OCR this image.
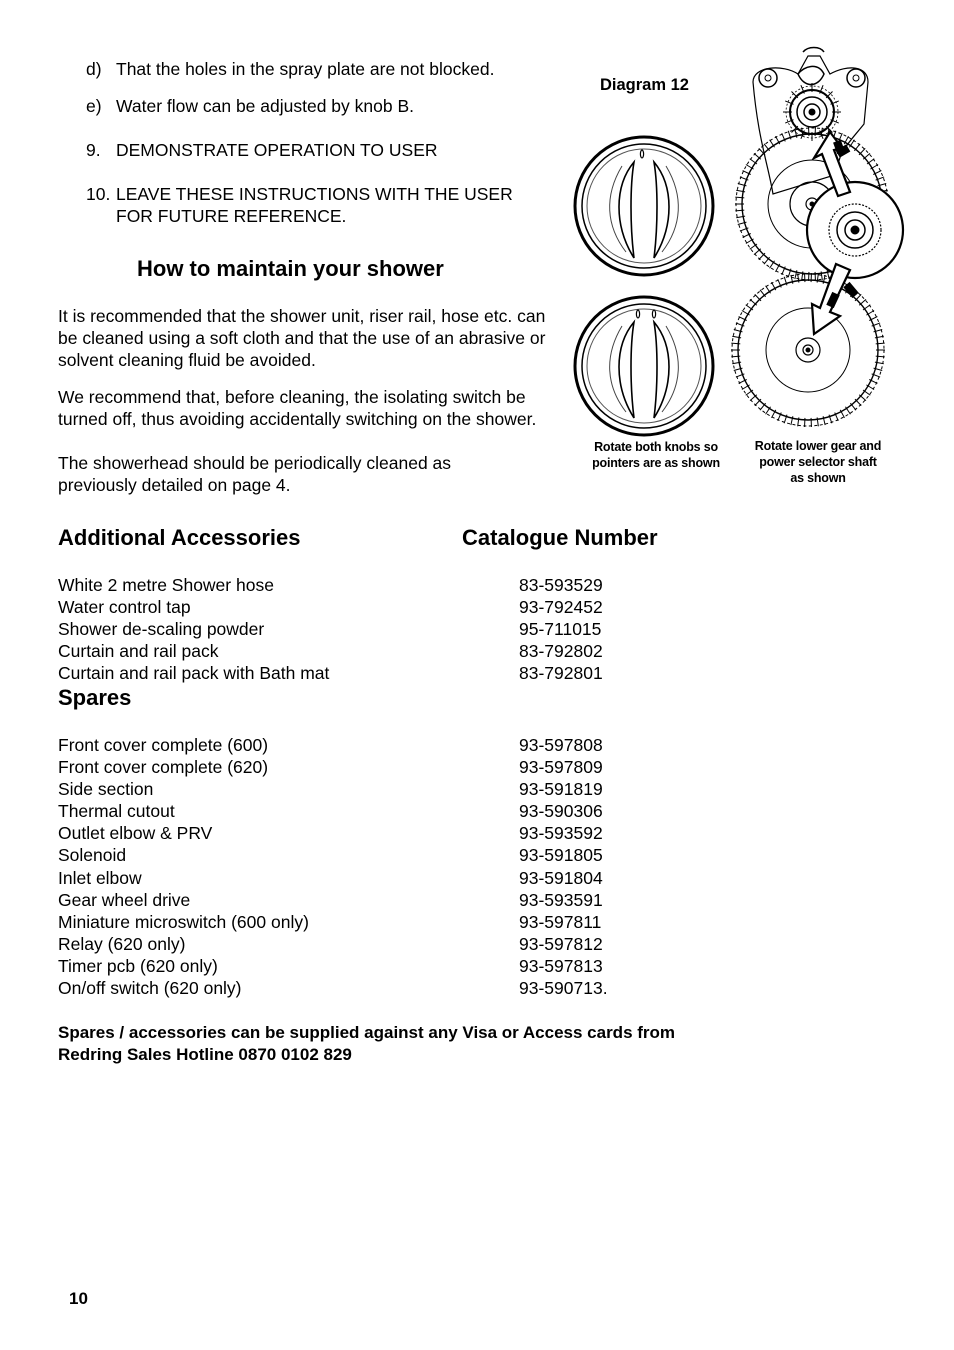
d) That the holes in the spray plate are not blocked.
e) Water flow can be adjusted by knob B.
9. DEMONSTRATE OPERATION TO USER
10. LEAVE THESE INSTRUCTIONS WITH THE USER FOR FUTURE REFERENCE.
How to maintain your shower
It is recommended that the shower unit, riser rail, hose etc. can be cleaned using a soft cloth and that the use of an abrasive or solvent cleaning fluid be avoided.
We recommend that, before cleaning, the isolating switch be turned off, thus avoiding accidentally switching on the shower.
The showerhead should be periodically cleaned as previously detailed on page 4.
Diagram 12
Rotate both knobs so pointers are as shown
Rotate lower gear and power selector shaft as shown
Additional Accessories	Catalogue Number
White 2 metre Shower hose	83-593529
Water control tap	93-792452
Shower de-scaling powder	95-711015
Curtain and rail pack	83-792802
Curtain and rail pack with Bath mat	83-792801
Spares
Front cover complete (600)	93-597808
Front cover complete (620)	93-597809
Side section	93-591819
Thermal cutout	93-590306
Outlet elbow & PRV	93-593592
Solenoid	93-591805
Inlet elbow	93-591804
Gear wheel drive	93-593591
Miniature microswitch (600 only)	93-597811
Relay (620 only)	93-597812
Timer pcb (620 only)	93-597813
On/off switch (620 only)	93-590713.
Spares / accessories can be supplied against any Visa or Access cards from
Redring Sales Hotline 0870 0102 829
10
